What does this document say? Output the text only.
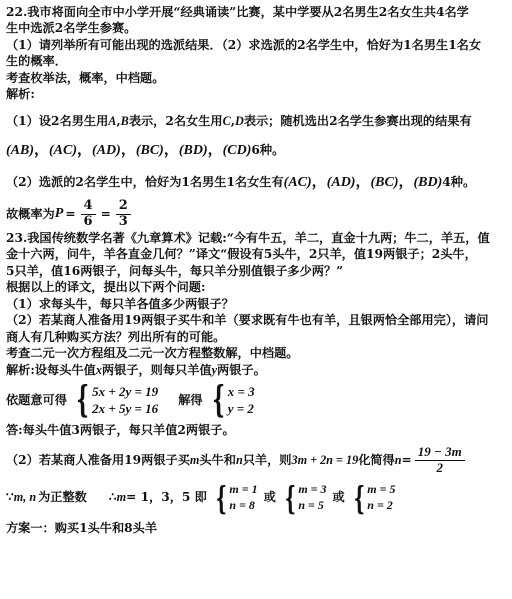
22.我市将面向全市中小学开展“经典诵读”比赛，某中学要从2名男生2名女生共4名学

生中选派2名学生参赛。

（1）请列举所有可能出现的选派结果．（2）求选派的2名学生中，恰好为1名男生1名女

生的概率．

考查枚举法，概率，中档题。

解析:

（1）设2名男生用A,B表示，2名女生用C,D表示；随机选出2名学生参赛出现的结果有

(AB)，(AC)，(AD)，(BC)，(BD)，(CD)6种。

（2）选派的2名学生中，恰好为1名男生1名女生有(AC)，(AD)，(BC)，(BD)4种。

故概率为 $P = \frac{4}{6} = \frac{2}{3}$

23.我国传统数学名著《九章算术》记载:“今有牛五，羊二，直金十九两；牛二，羊五，值

金十六两，问牛，羊各直金几何？”译文“假设有5头牛，2只羊，值19两银子；2头牛，

5只羊，值16两银子，问每头牛，每只羊分别值银子多少两？”

根据以上的译文，提出以下两个问题:

（1）求每头牛，每只羊各值多少两银子？

（2）若某商人准备用19两银子买牛和羊（要求既有牛也有羊，且银两恰全部用完），请问

商人有几种购买方法？列出所有的可能。

考查二元一次方程组及二元一次方程整数解，中档题。

解析:设每头牛值x两银子，则每只羊值y两银子。

依题意可得 { 5x + 2y = 19
2x + 5y = 16
解得 { x = 3
y = 2

答:每头牛值3两银子，每只羊值2两银子。

（2）若某商人准备用19两银子买 m 头牛和 n 只羊，则 3m + 2n = 19 化简得 $n = \frac{19 - 3m}{2}$
∵ m, n 为正整数 ∴ m = 1，3，5 即 { m = 1
n = 8
或 { m = 3
n = 5
或 { m = 5
n = 2

方案一：购买1头牛和8头羊
